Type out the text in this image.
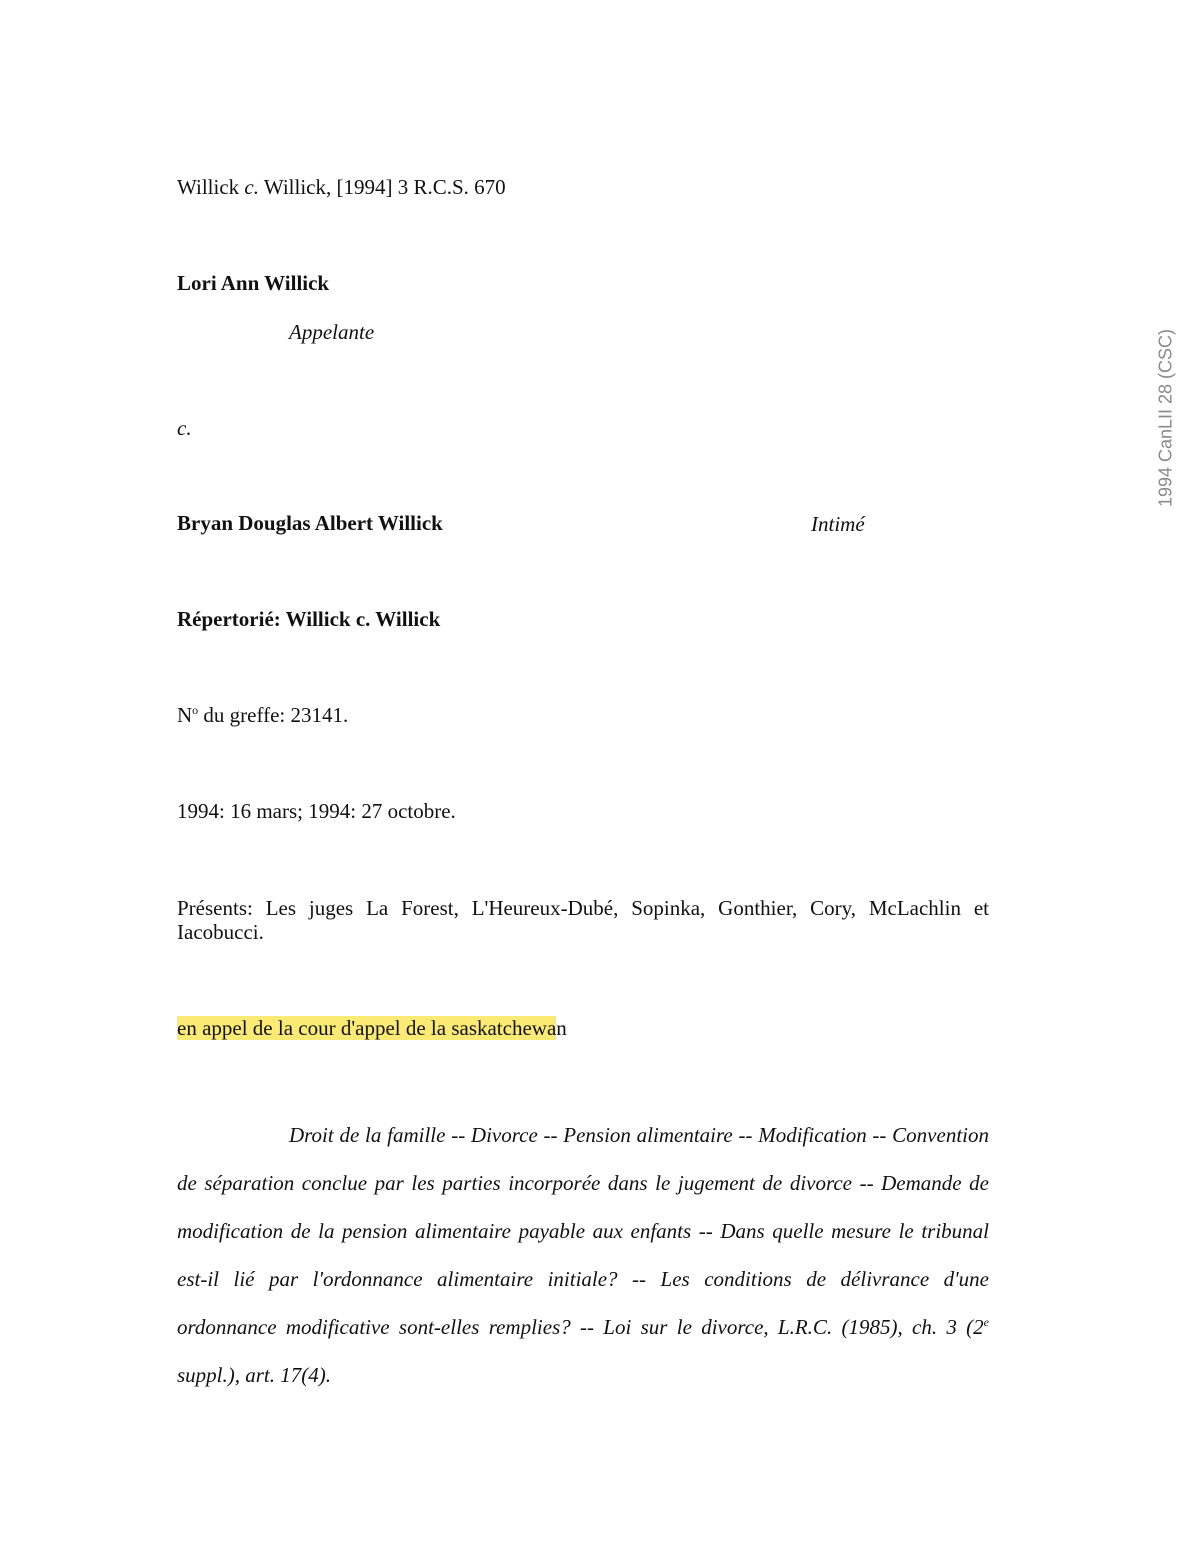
Willick c. Willick, [1994] 3 R.C.S. 670
Lori Ann Willick
Appelante
c.
Bryan Douglas Albert Willick	Intimé
Répertorié: Willick c. Willick
$N^o$ du greffe: 23141.
1994: 16 mars; 1994: 27 octobre.
Présents: Les juges La Forest, L'Heureux-Dubé, Sopinka, Gonthier, Cory, McLachlin et Iacobucci.
en appel de la cour d'appel de la saskatchewan

Droit de la famille -- Divorce -- Pension alimentaire -- Modification -- Convention de séparation conclue par les parties incorporée dans le jugement de divorce -- Demande de modification de la pension alimentaire payable aux enfants -- Dans quelle mesure le tribunal est-il lié par l'ordonnance alimentaire initiale? -- Les conditions de délivrance d'une ordonnance modificative sont-elles remplies? -- Loi sur le divorce, L.R.C. (1985), ch. 3 (2e suppl.), art. 17(4).

1994 CanLII 28 (CSC)
